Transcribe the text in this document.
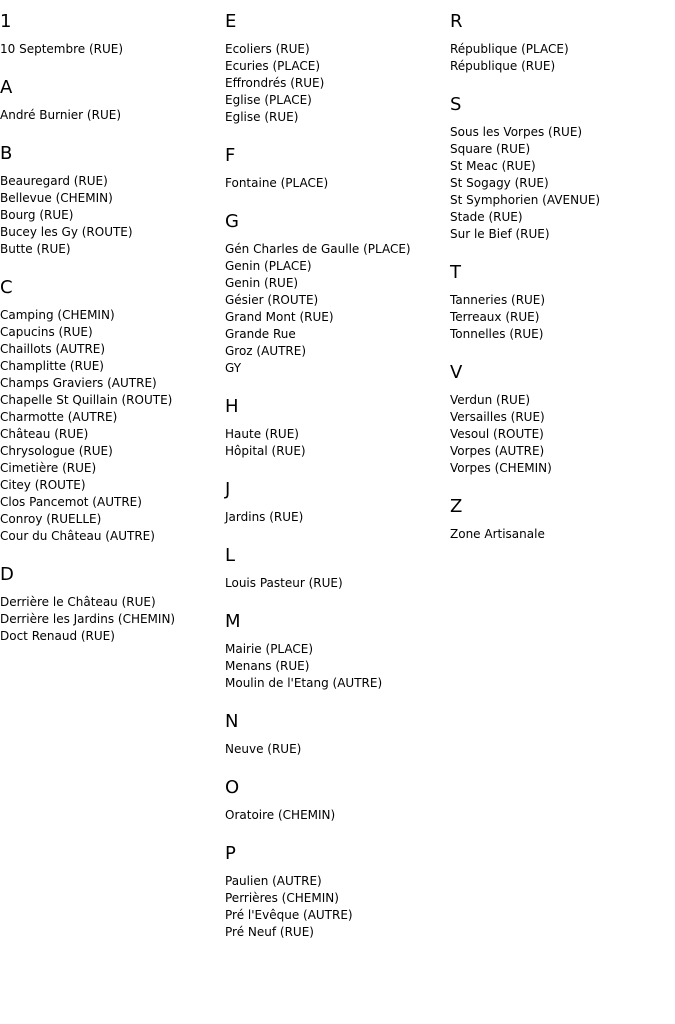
1
10 Septembre (RUE)
A
André Burnier (RUE)
B
Beauregard (RUE)
Bellevue (CHEMIN)
Bourg (RUE)
Bucey les Gy (ROUTE)
Butte (RUE)
C
Camping (CHEMIN)
Capucins (RUE)
Chaillots (AUTRE)
Champlitte (RUE)
Champs Graviers (AUTRE)
Chapelle St Quillain (ROUTE)
Charmotte (AUTRE)
Château (RUE)
Chrysologue (RUE)
Cimetière (RUE)
Citey (ROUTE)
Clos Pancemot (AUTRE)
Conroy (RUELLE)
Cour du Château (AUTRE)
D
Derrière le Château (RUE)
Derrière les Jardins (CHEMIN)
Doct Renaud (RUE)
E
Ecoliers (RUE)
Ecuries (PLACE)
Effrondrés (RUE)
Eglise (PLACE)
Eglise (RUE)
F
Fontaine (PLACE)
G
Gén Charles de Gaulle (PLACE)
Genin (PLACE)
Genin (RUE)
Gésier (ROUTE)
Grand Mont (RUE)
Grande Rue
Groz (AUTRE)
GY
H
Haute (RUE)
Hôpital (RUE)
J
Jardins (RUE)
L
Louis Pasteur (RUE)
M
Mairie (PLACE)
Menans (RUE)
Moulin de l'Etang (AUTRE)
N
Neuve (RUE)
O
Oratoire (CHEMIN)
P
Paulien (AUTRE)
Perrières (CHEMIN)
Pré l'Evêque (AUTRE)
Pré Neuf (RUE)
R
République (PLACE)
République (RUE)
S
Sous les Vorpes (RUE)
Square (RUE)
St Meac (RUE)
St Sogagy (RUE)
St Symphorien (AVENUE)
Stade (RUE)
Sur le Bief (RUE)
T
Tanneries (RUE)
Terreaux (RUE)
Tonnelles (RUE)
V
Verdun (RUE)
Versailles (RUE)
Vesoul (ROUTE)
Vorpes (AUTRE)
Vorpes (CHEMIN)
Z
Zone Artisanale
